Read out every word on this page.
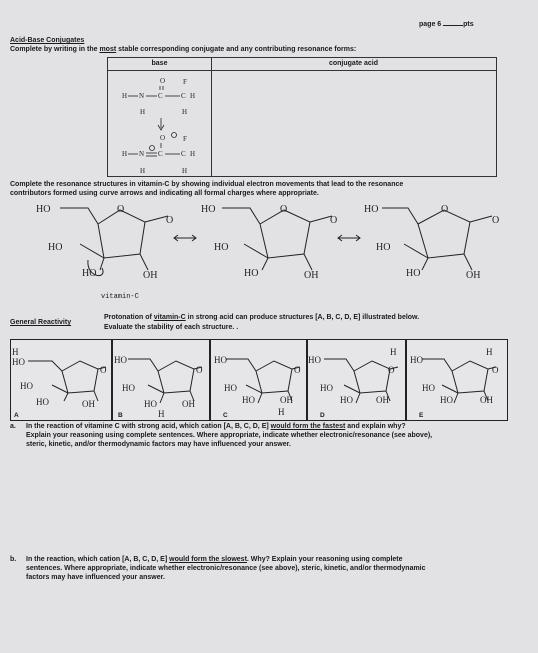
page 6	pts
Acid-Base Conjugates
Complete by writing in the most stable corresponding conjugate and any contributing resonance forms:
base	conjugate acid
H N C	C H
H	H
O	F
H N C	C H
H	H
O	F
Complete the resonance structures in vitamin-C by showing individual electron movements that lead to the resonance
contributors formed using curve arrows and indicating all formal charges where appropriate.
HO	O
O
HO
HO	OH
HO	O
O
HO
HO	OH
HO	O
O
HO
HO	OH
vitamin-C
General Reactivity
Protonation of vitamin-C in strong acid can produce structures [A, B, C, D, E] illustrated below.
Evaluate the stability of each structure. .
A	B	C	D	E
H
HO
HO
HO	OH
O
HO
HO
HO	OH
O
H
HO
HO
HO	OH
O
H
HO
HO
HO	OH
H
O
HO
HO
HO	OH
H
O
a. In the reaction of vitamine C with strong acid, which cation [A, B, C, D, E] would form the fastest and explain why?
Explain your reasoning using complete sentences. Where appropriate, indicate whether electronic/resonance (see above),
steric, kinetic, and/or thermodynamic factors may have influenced your answer.
b. In the reaction, which cation [A, B, C, D, E] would form the slowest. Why? Explain your reasoning using complete
sentences. Where appropriate, indicate whether electronic/resonance (see above), steric, kinetic, and/or thermodynamic
factors may have influenced your answer.
